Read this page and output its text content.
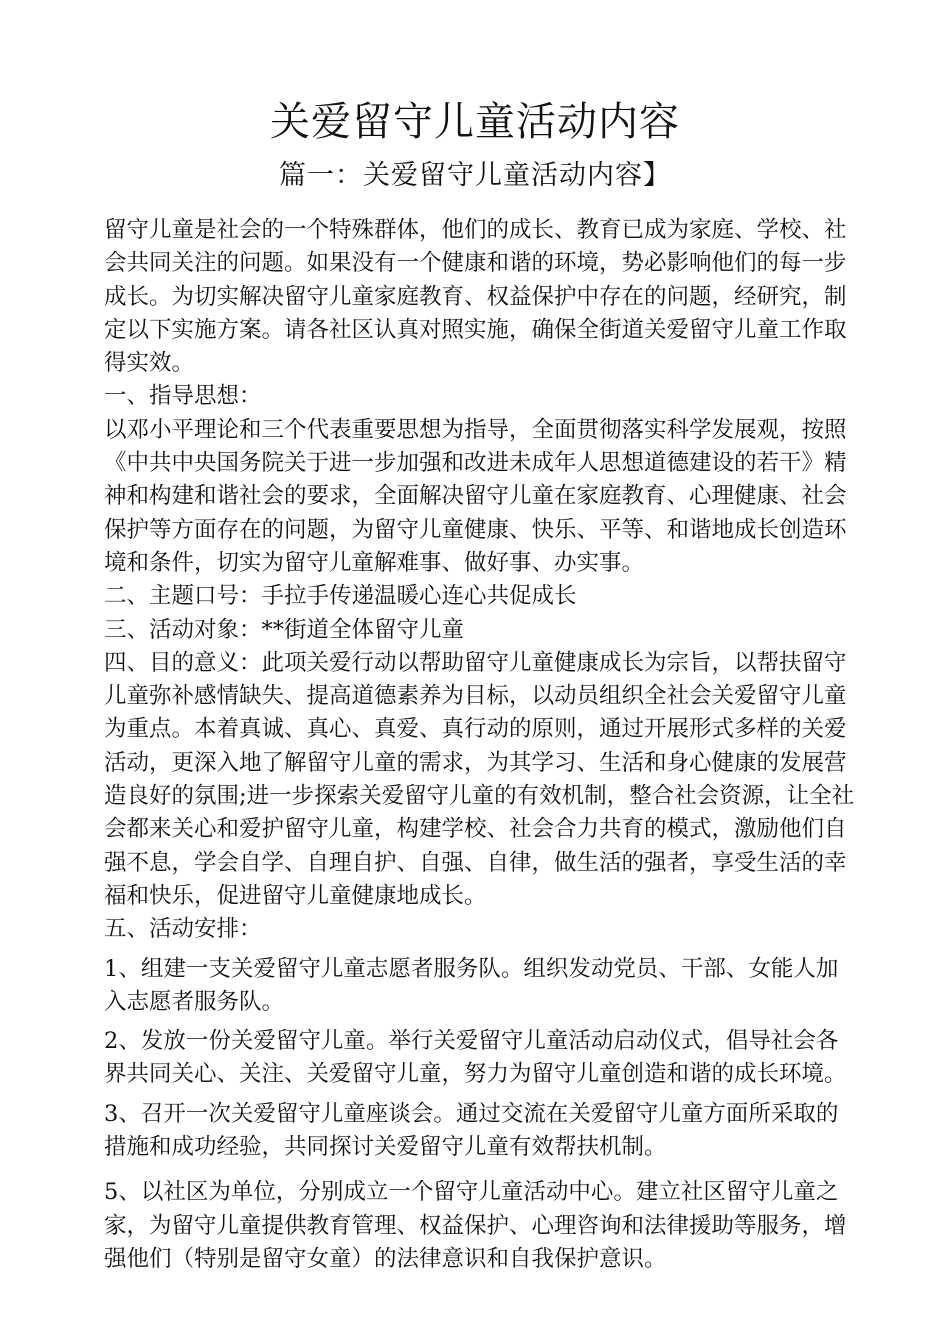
关爱留守儿童活动内容
篇一：关爱留守儿童活动内容】

留守儿童是社会的一个特殊群体，他们的成长、教育已成为家庭、学校、社会共同关注的问题。如果没有一个健康和谐的环境，势必影响他们的每一步成长。为切实解决留守儿童家庭教育、权益保护中存在的问题，经研究，制定以下实施方案。请各社区认真对照实施，确保全街道关爱留守儿童工作取得实效。

一、指导思想：

以邓小平理论和三个代表重要思想为指导，全面贯彻落实科学发展观，按照《中共中央国务院关于进一步加强和改进未成年人思想道德建设的若干》精神和构建和谐社会的要求，全面解决留守儿童在家庭教育、心理健康、社会保护等方面存在的问题，为留守儿童健康、快乐、平等、和谐地成长创造环境和条件，切实为留守儿童解难事、做好事、办实事。

二、主题口号：手拉手传递温暖心连心共促成长

三、活动对象：**街道全体留守儿童

四、目的意义：此项关爱行动以帮助留守儿童健康成长为宗旨，以帮扶留守儿童弥补感情缺失、提高道德素养为目标，以动员组织全社会关爱留守儿童为重点。本着真诚、真心、真爱、真行动的原则，通过开展形式多样的关爱活动，更深入地了解留守儿童的需求，为其学习、生活和身心健康的发展营造良好的氛围;进一步探索关爱留守儿童的有效机制，整合社会资源，让全社会都来关心和爱护留守儿童，构建学校、社会合力共育的模式，激励他们自强不息，学会自学、自理自护、自强、自律，做生活的强者，享受生活的幸福和快乐，促进留守儿童健康地成长。

五、活动安排：

1、组建一支关爱留守儿童志愿者服务队。组织发动党员、干部、女能人加入志愿者服务队。

2、发放一份关爱留守儿童。举行关爱留守儿童活动启动仪式，倡导社会各界共同关心、关注、关爱留守儿童，努力为留守儿童创造和谐的成长环境。

3、召开一次关爱留守儿童座谈会。通过交流在关爱留守儿童方面所采取的措施和成功经验，共同探讨关爱留守儿童有效帮扶机制。

5、以社区为单位，分别成立一个留守儿童活动中心。建立社区留守儿童之家，为留守儿童提供教育管理、权益保护、心理咨询和法律援助等服务，增强他们（特别是留守女童）的法律意识和自我保护意识。
